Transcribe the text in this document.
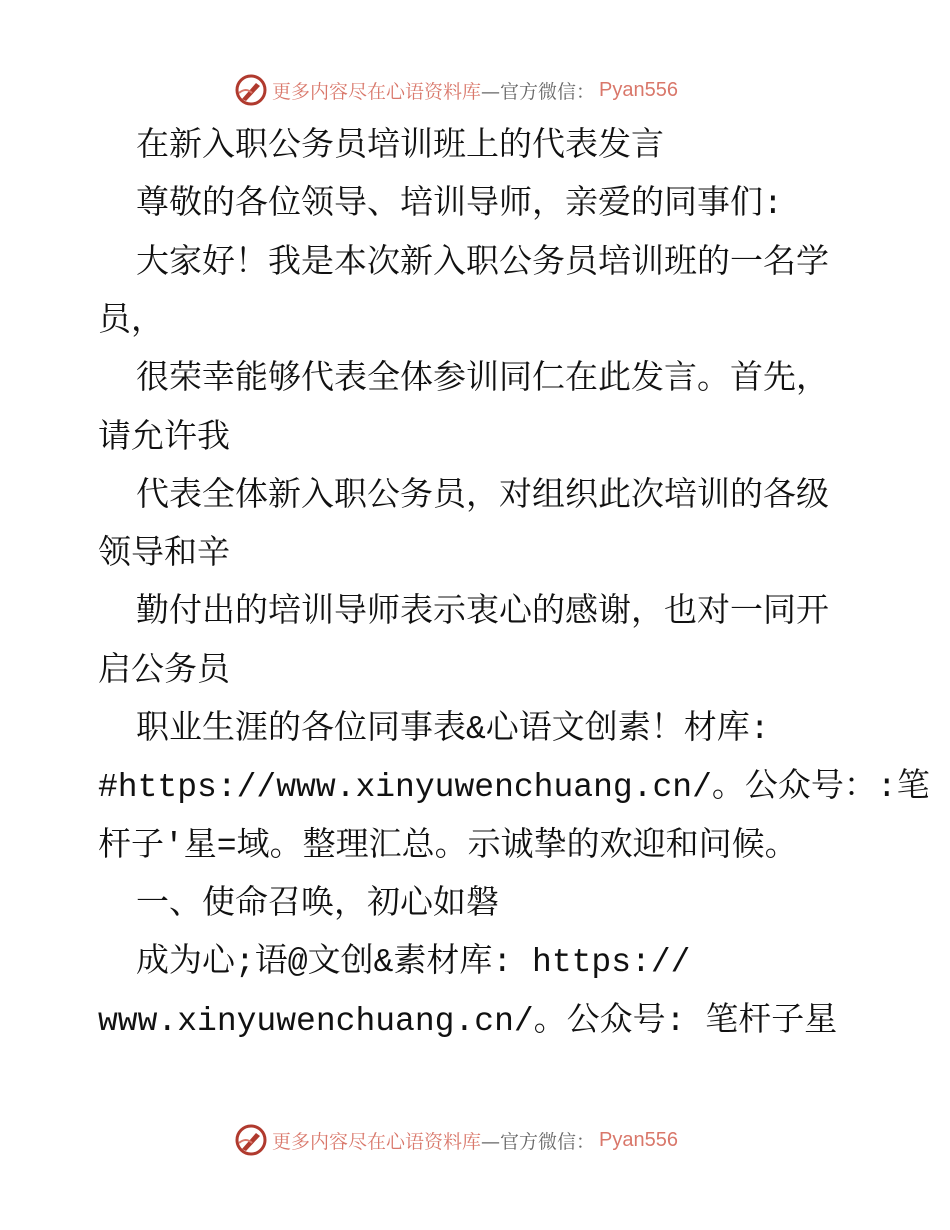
更多内容尽在心语资料库 —官方微信： Pyan556
在新入职公务员培训班上的代表发言
尊敬的各位领导、培训导师，亲爱的同事们:
大家好！我是本次新入职公务员培训班的一名学
员，
很荣幸能够代表全体参训同仁在此发言。首先，
请允许我
代表全体新入职公务员，对组织此次培训的各级
领导和辛
勤付出的培训导师表示衷心的感谢，也对一同开
启公务员
职业生涯的各位同事表&心语文创素！材库:
#https://www.xinyuwenchuang.cn/。公众号：:笔
杆子′星=域。整理汇总。示诚挚的欢迎和问候。
一、使命召唤，初心如磐
成为心;语@文创&素材库: https://
www.xinyuwenchuang.cn/。公众号: 笔杆子星
更多内容尽在心语资料库 —官方微信： Pyan556
